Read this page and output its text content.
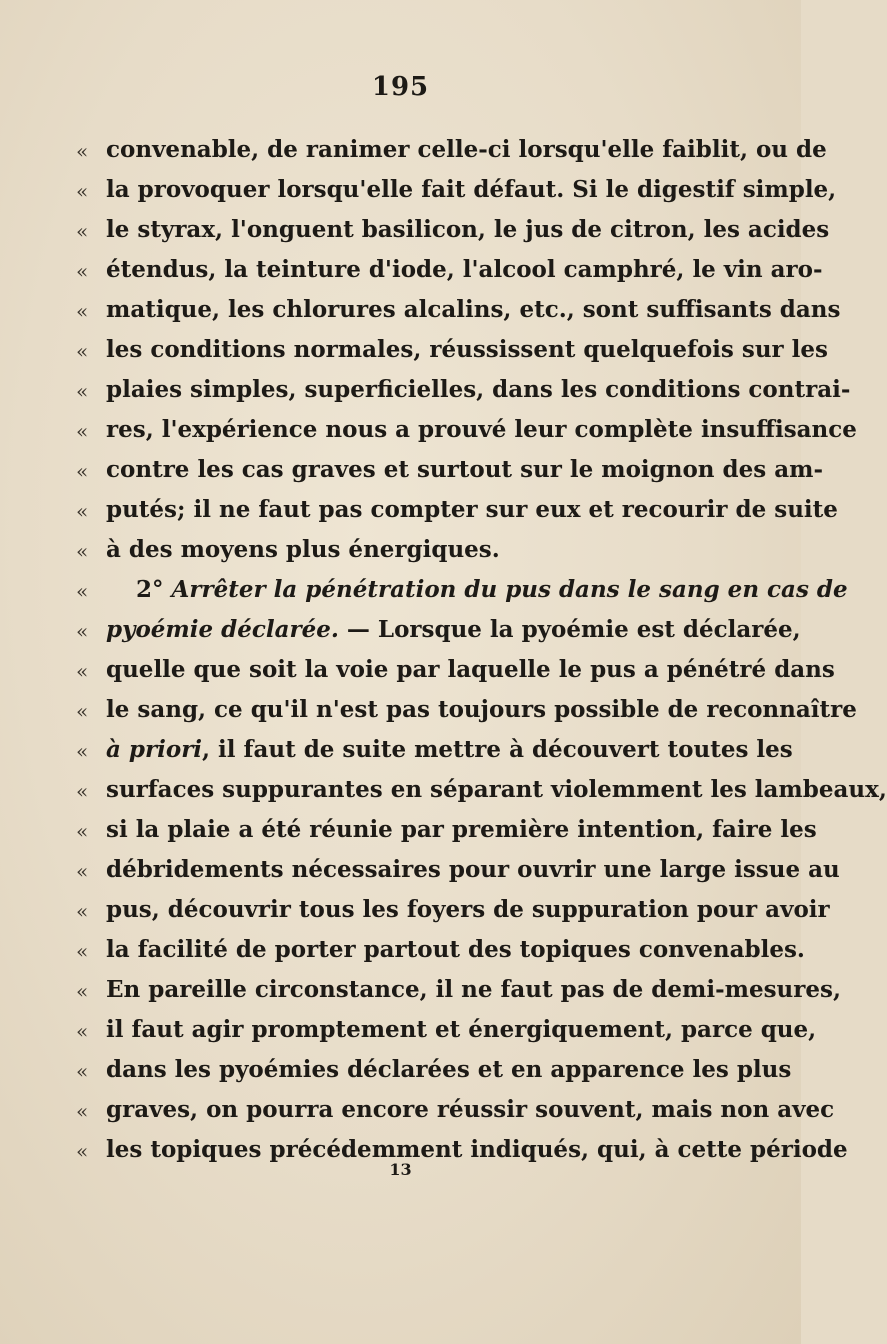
195
« convenable, de ranimer celle-ci lorsqu'elle faiblit, ou de
« la provoquer lorsqu'elle fait défaut. Si le digestif simple,
« le styrax, l'onguent basilicon, le jus de citron, les acides
« étendus, la teinture d'iode, l'alcool camphré, le vin aro-
« matique, les chlorures alcalins, etc., sont suffisants dans
« les conditions normales, réussissent quelquefois sur les
« plaies simples, superficielles, dans les conditions contrai-
« res, l'expérience nous a prouvé leur complète insuffisance
« contre les cas graves et surtout sur le moignon des am-
« putés; il ne faut pas compter sur eux et recourir de suite
« à des moyens plus énergiques.
«	2° Arrêter la pénétration du pus dans le sang en cas de
« pyoémie déclarée. — Lorsque la pyoémie est déclarée,
« quelle que soit la voie par laquelle le pus a pénétré dans
« le sang, ce qu'il n'est pas toujours possible de reconnaître
« à priori, il faut de suite mettre à découvert toutes les
« surfaces suppurantes en séparant violemment les lambeaux,
« si la plaie a été réunie par première intention, faire les
« débridements nécessaires pour ouvrir une large issue au
« pus, découvrir tous les foyers de suppuration pour avoir
« la facilité de porter partout des topiques convenables.
« En pareille circonstance, il ne faut pas de demi-mesures,
« il faut agir promptement et énergiquement, parce que,
« dans les pyoémies déclarées et en apparence les plus
« graves, on pourra encore réussir souvent, mais non avec
« les topiques précédemment indiqués, qui, à cette période
13
